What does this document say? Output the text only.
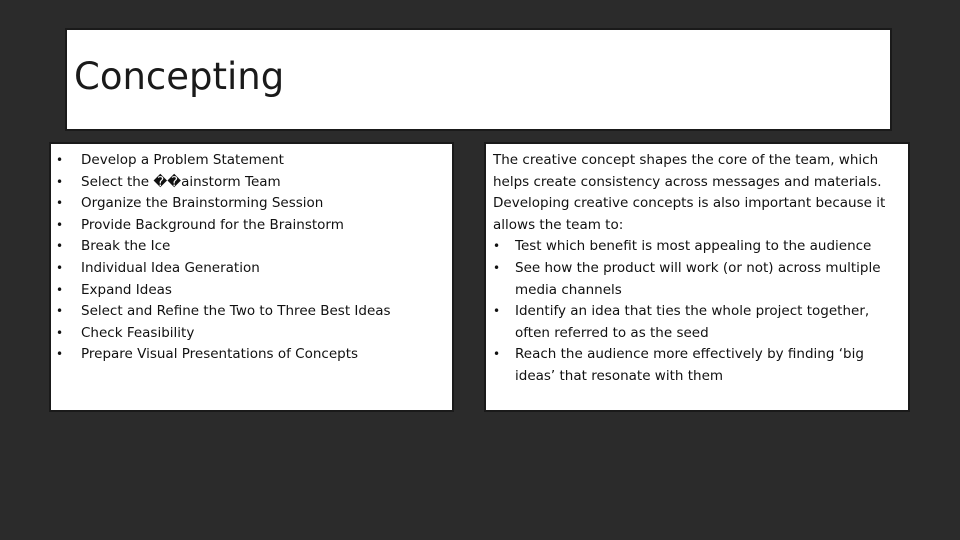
Concepting
• Develop a Problem Statement
• Select the ��ainstorm Team
• Organize the Brainstorming Session
• Provide Background for the Brainstorm
• Break the Ice
• Individual Idea Generation
• Expand Ideas
• Select and Refine the Two to Three Best Ideas
• Check Feasibility
• Prepare Visual Presentations of Concepts
The creative concept shapes the core of the team, which helps create consistency across messages and materials. Developing creative concepts is also important because it allows the team to:
• Test which benefit is most appealing to the audience
• See how the product will work (or not) across multiple media channels
• Identify an idea that ties the whole project together, often referred to as the seed
• Reach the audience more effectively by finding ‘big ideas’ that resonate with them
